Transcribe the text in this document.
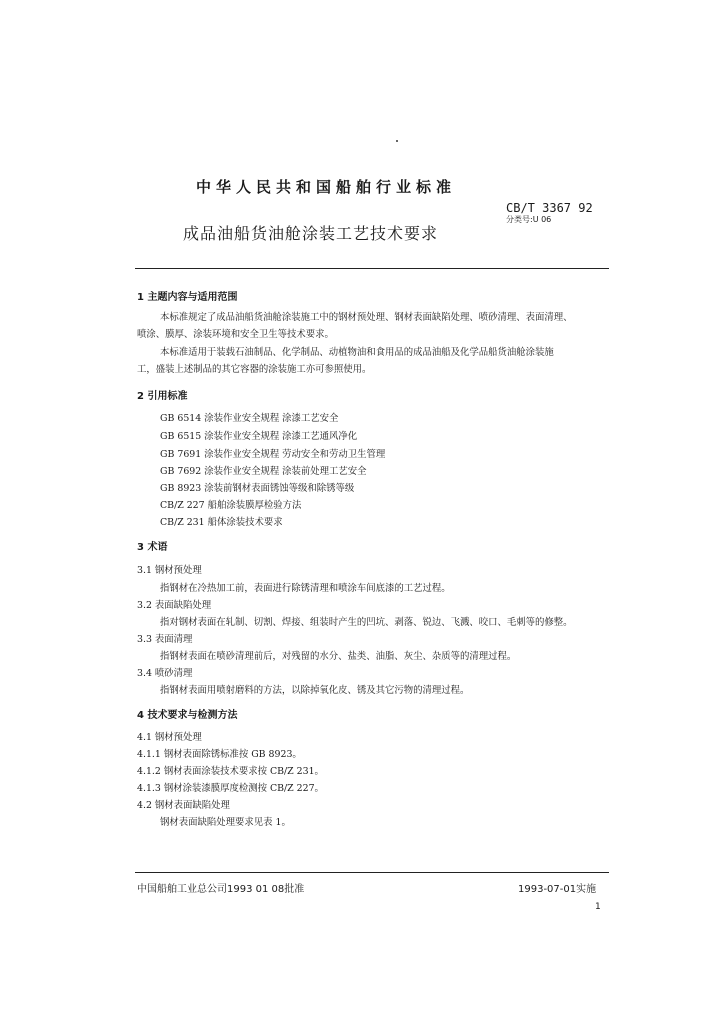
中华人民共和国船舶行业标准
CB/T 3367 92
分类号:U 06
成品油船货油舱涂装工艺技术要求
1 主题内容与适用范围
本标准规定了成品油船货油舱涂装施工中的钢材预处理、钢材表面缺陷处理、喷砂清理、表面清理、
喷涂、膜厚、涂装环境和安全卫生等技术要求。
本标准适用于装载石油制品、化学制品、动植物油和食用品的成品油船及化学品船货油舱涂装施
工，盛装上述制品的其它容器的涂装施工亦可参照使用。
2 引用标准
GB 6514 涂装作业安全规程 涂漆工艺安全
GB 6515 涂装作业安全规程 涂漆工艺通风净化
GB 7691 涂装作业安全规程 劳动安全和劳动卫生管理
GB 7692 涂装作业安全规程 涂装前处理工艺安全
GB 8923 涂装前钢材表面锈蚀等级和除锈等级
CB/Z 227 船舶涂装膜厚检验方法
CB/Z 231 船体涂装技术要求
3 术语
3.1 钢材预处理
指钢材在冷热加工前，表面进行除锈清理和喷涂车间底漆的工艺过程。
3.2 表面缺陷处理
指对钢材表面在轧制、切割、焊接、组装时产生的凹坑、剥落、锐边、飞溅、咬口、毛刺等的修整。
3.3 表面清理
指钢材表面在喷砂清理前后，对残留的水分、盐类、油脂、灰尘、杂质等的清理过程。
3.4 喷砂清理
指钢材表面用喷射磨料的方法，以除掉氧化皮、锈及其它污物的清理过程。
4 技术要求与检测方法
4.1 钢材预处理
4.1.1 钢材表面除锈标准按 GB 8923。
4.1.2 钢材表面涂装技术要求按 CB/Z 231。
4.1.3 钢材涂装漆膜厚度检测按 CB/Z 227。
4.2 钢材表面缺陷处理
钢材表面缺陷处理要求见表 1。
中国船舶工业总公司1993 01 08批准	1993-07-01实施
1
